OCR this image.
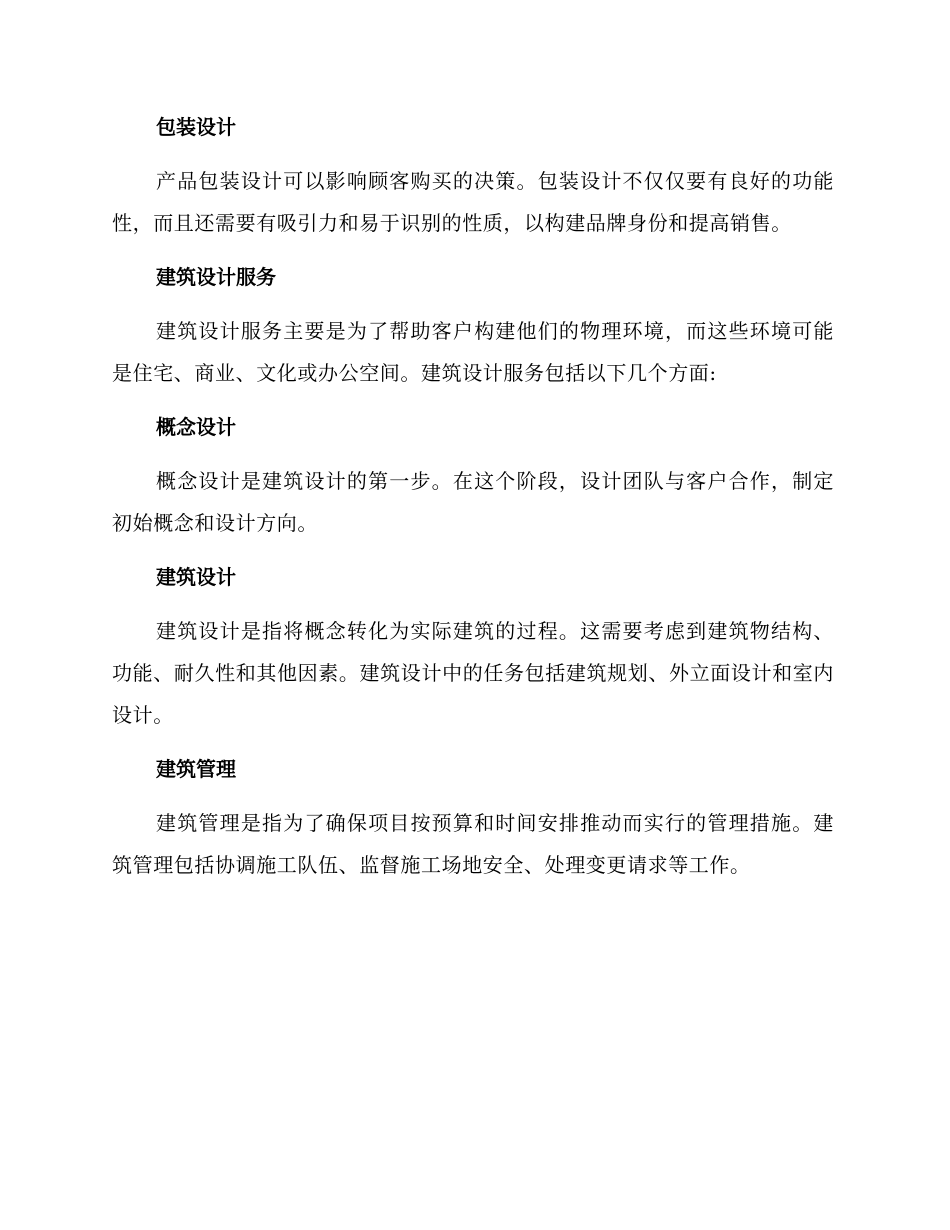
包装设计

产品包装设计可以影响顾客购买的决策。包装设计不仅仅要有良好的功能性，而且还需要有吸引力和易于识别的性质，以构建品牌身份和提高销售。

建筑设计服务

建筑设计服务主要是为了帮助客户构建他们的物理环境，而这些环境可能是住宅、商业、文化或办公空间。建筑设计服务包括以下几个方面:

概念设计

概念设计是建筑设计的第一步。在这个阶段，设计团队与客户合作，制定初始概念和设计方向。

建筑设计

建筑设计是指将概念转化为实际建筑的过程。这需要考虑到建筑物结构、功能、耐久性和其他因素。建筑设计中的任务包括建筑规划、外立面设计和室内设计。

建筑管理

建筑管理是指为了确保项目按预算和时间安排推动而实行的管理措施。建筑管理包括协调施工队伍、监督施工场地安全、处理变更请求等工作。
